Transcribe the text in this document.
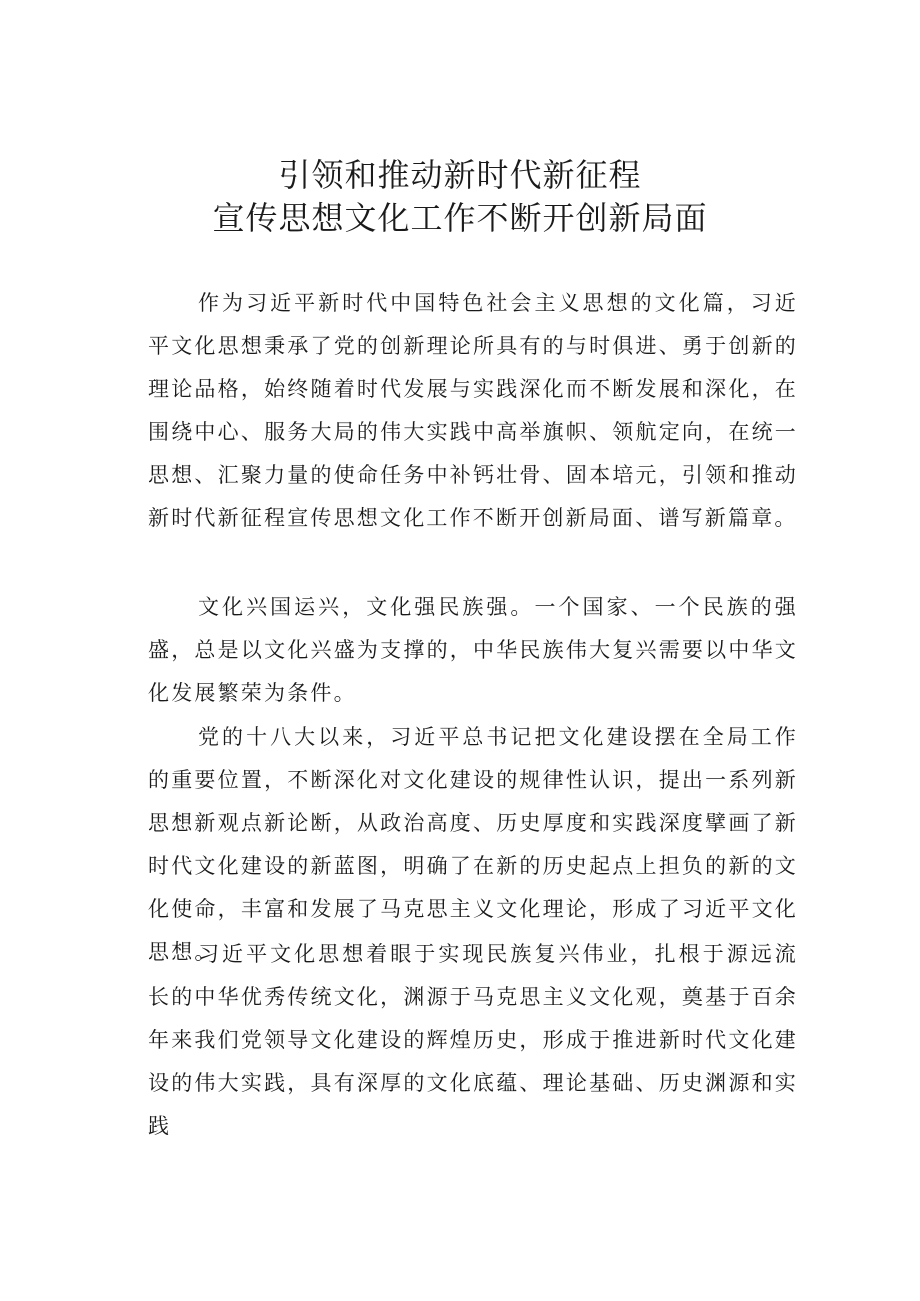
引领和推动新时代新征程
宣传思想文化工作不断开创新局面

作为习近平新时代中国特色社会主义思想的文化篇，习近平文化思想秉承了党的创新理论所具有的与时俱进、勇于创新的理论品格，始终随着时代发展与实践深化而不断发展和深化，在围绕中心、服务大局的伟大实践中高举旗帜、领航定向，在统一思想、汇聚力量的使命任务中补钙壮骨、固本培元，引领和推动新时代新征程宣传思想文化工作不断开创新局面、谱写新篇章。

文化兴国运兴，文化强民族强。一个国家、一个民族的强盛，总是以文化兴盛为支撑的，中华民族伟大复兴需要以中华文化发展繁荣为条件。

党的十八大以来，习近平总书记把文化建设摆在全局工作的重要位置，不断深化对文化建设的规律性认识，提出一系列新思想新观点新论断，从政治高度、历史厚度和实践深度擘画了新时代文化建设的新蓝图，明确了在新的历史起点上担负的新的文化使命，丰富和发展了马克思主义文化理论，形成了习近平文化思想。

习近平文化思想着眼于实现民族复兴伟业，扎根于源远流长的中华优秀传统文化，渊源于马克思主义文化观，奠基于百余年来我们党领导文化建设的辉煌历史，形成于推进新时代文化建设的伟大实践，具有深厚的文化底蕴、理论基础、历史渊源和实践
